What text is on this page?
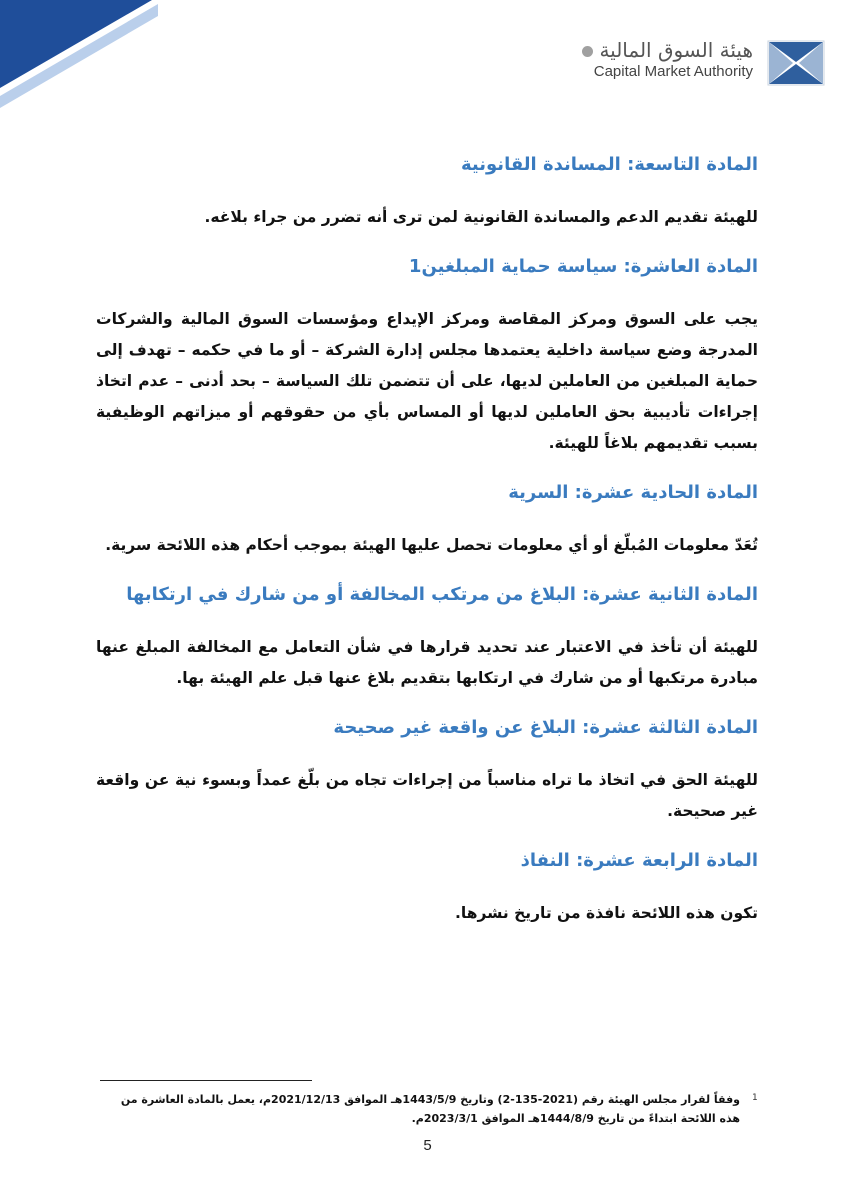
هيئة السوق المالية
Capital Market Authority
المادة التاسعة: المساندة القانونية

للهيئة تقديم الدعم والمساندة القانونية لمن ترى أنه تضرر من جراء بلاغه.

المادة العاشرة: سياسة حماية المبلغين1

يجب على السوق ومركز المقاصة ومركز الإيداع ومؤسسات السوق المالية والشركات المدرجة وضع سياسة داخلية يعتمدها مجلس إدارة الشركة – أو ما في حكمه – تهدف إلى حماية المبلغين من العاملين لديها، على أن تتضمن تلك السياسة – بحد أدنى – عدم اتخاذ إجراءات تأديبية بحق العاملين لديها أو المساس بأي من حقوقهم أو ميزاتهم الوظيفية بسبب تقديمهم بلاغاً للهيئة.

المادة الحادية عشرة: السرية

تُعَدّ معلومات المُبلّغ أو أي معلومات تحصل عليها الهيئة بموجب أحكام هذه اللائحة سرية.

المادة الثانية عشرة: البلاغ من مرتكب المخالفة أو من شارك في ارتكابها

للهيئة أن تأخذ في الاعتبار عند تحديد قرارها في شأن التعامل مع المخالفة المبلغ عنها مبادرة مرتكبها أو من شارك في ارتكابها بتقديم بلاغ عنها قبل علم الهيئة بها.

المادة الثالثة عشرة: البلاغ عن واقعة غير صحيحة

للهيئة الحق في اتخاذ ما تراه مناسباً من إجراءات تجاه من بلّغ عمداً وبسوء نية عن واقعة غير صحيحة.

المادة الرابعة عشرة: النفاذ

تكون هذه اللائحة نافذة من تاريخ نشرها.

1
وفقاً لقرار مجلس الهيئة رقم (2021-135-2) وتاريخ 1443/5/9هـ الموافق 2021/12/13م، يعمل بالمادة العاشرة من هذه اللائحة ابتداءً من تاريخ 1444/8/9هـ الموافق 2023/3/1م.
5
